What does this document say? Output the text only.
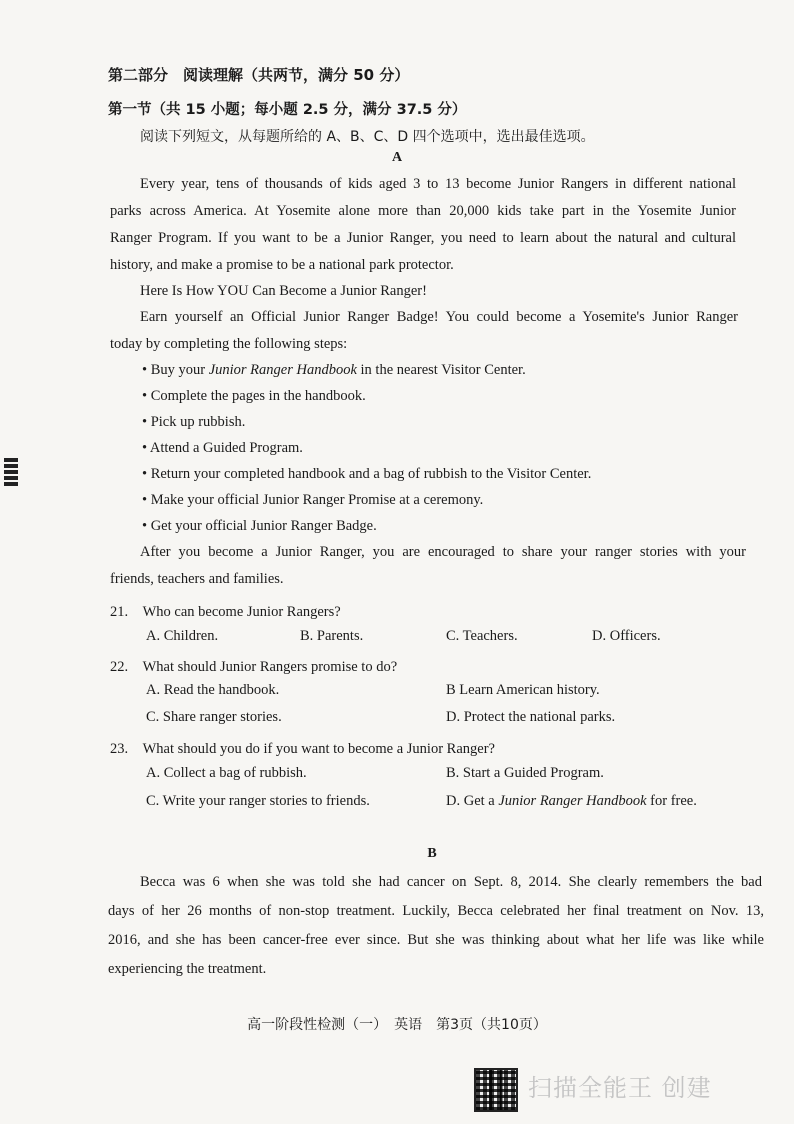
第二部分　阅读理解（共两节，满分 50 分）
第一节（共 15 小题；每小题 2.5 分，满分 37.5 分）
阅读下列短文，从每题所给的 A、B、C、D 四个选项中，选出最佳选项。
A
Every year, tens of thousands of kids aged 3 to 13 become Junior Rangers in different national
parks across America. At Yosemite alone more than 20,000 kids take part in the Yosemite Junior
Ranger Program. If you want to be a Junior Ranger, you need to learn about the natural and cultural
history, and make a promise to be a national park protector.
Here Is How YOU Can Become a Junior Ranger!
Earn yourself an Official Junior Ranger Badge! You could become a Yosemite's Junior Ranger
today by completing the following steps:
• Buy your Junior Ranger Handbook in the nearest Visitor Center.
• Complete the pages in the handbook.
• Pick up rubbish.
• Attend a Guided Program.
• Return your completed handbook and a bag of rubbish to the Visitor Center.
• Make your official Junior Ranger Promise at a ceremony.
• Get your official Junior Ranger Badge.
After you become a Junior Ranger, you are encouraged to share your ranger stories with your
friends, teachers and families.
21.　Who can become Junior Rangers?
A. Children.	B. Parents.	C. Teachers.	D. Officers.
22.　What should Junior Rangers promise to do?
A. Read the handbook.	B Learn American history.
C. Share ranger stories.	D. Protect the national parks.
23.　What should you do if you want to become a Junior Ranger?
A. Collect a bag of rubbish.	B. Start a Guided Program.
C. Write your ranger stories to friends.	D. Get a Junior Ranger Handbook for free.
B
Becca was 6 when she was told she had cancer on Sept. 8, 2014. She clearly remembers the bad
days of her 26 months of non-stop treatment. Luckily, Becca celebrated her final treatment on Nov. 13,
2016, and she has been cancer-free ever since. But she was thinking about what her life was like while
experiencing the treatment.
高一阶段性检测（一）　英语　第3页（共10页）
扫描全能王 创建
